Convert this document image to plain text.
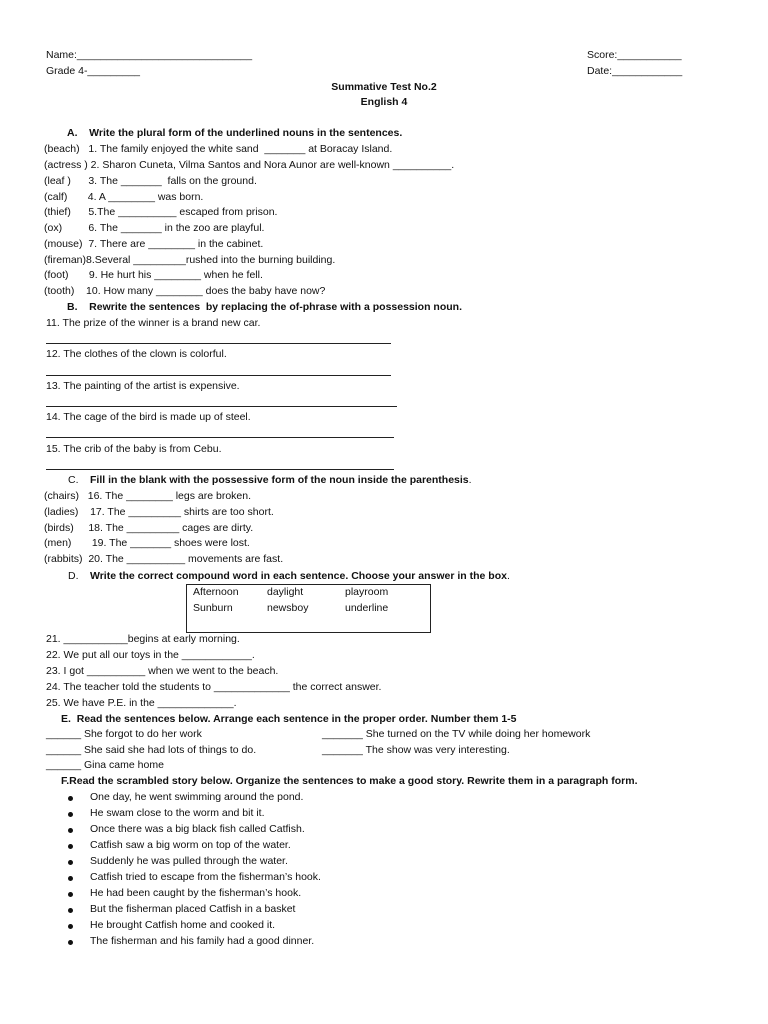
Name:______________________________	Score:___________
Grade 4-_________	Date:____________
Summative Test No.2
English 4
A.    Write the plural form of the underlined nouns in the sentences.
(beach)   1. The family enjoyed the white sand  _______ at Boracay Island.
(actress ) 2. Sharon Cuneta, Vilma Santos and Nora Aunor are well-known __________.
(leaf )      3. The _______  falls on the ground.
(calf)       4. A ________ was born.
(thief)      5.The __________ escaped from prison.
(ox)         6. The _______ in the zoo are playful.
(mouse)  7. There are ________ in the cabinet.
(fireman)8.Several _________rushed into the burning building.
(foot)       9. He hurt his ________ when he fell.
(tooth)    10. How many ________ does the baby have now?
B.    Rewrite the sentences  by replacing the of-phrase with a possession noun.
11. The prize of the winner is a brand new car.
12. The clothes of the clown is colorful.
13. The painting of the artist is expensive.
14. The cage of the bird is made up of steel.
15. The crib of the baby is from Cebu.
C. Fill in the blank with the possessive form of the noun inside the parenthesis.
(chairs)   16. The ________ legs are broken.
(ladies)    17. The _________ shirts are too short.
(birds)     18. The _________ cages are dirty.
(men)       19. The _______ shoes were lost.
(rabbits)  20. The __________ movements are fast.
D. Write the correct compound word in each sentence. Choose your answer in the box.
Afternoon	daylight	playroom
Sunburn	newsboy	underline
21. ___________begins at early morning.
22. We put all our toys in the ____________.
23. I got __________ when we went to the beach.
24. The teacher told the students to _____________ the correct answer.
25. We have P.E. in the _____________.
E.  Read the sentences below. Arrange each sentence in the proper order. Number them 1-5
______ She forgot to do her work
______ She said she had lots of things to do.
______ Gina came home
_______ She turned on the TV while doing her homework
_______ The show was very interesting.
F.Read the scrambled story below. Organize the sentences to make a good story. Rewrite them in a paragraph form.
One day, he went swimming around the pond.
He swam close to the worm and bit it.
Once there was a big black fish called Catfish.
Catfish saw a big worm on top of the water.
Suddenly he was pulled through the water.
Catfish tried to escape from the fisherman’s hook.
He had been caught by the fisherman’s hook.
But the fisherman placed Catfish in a basket
He brought Catfish home and cooked it.
The fisherman and his family had a good dinner.
